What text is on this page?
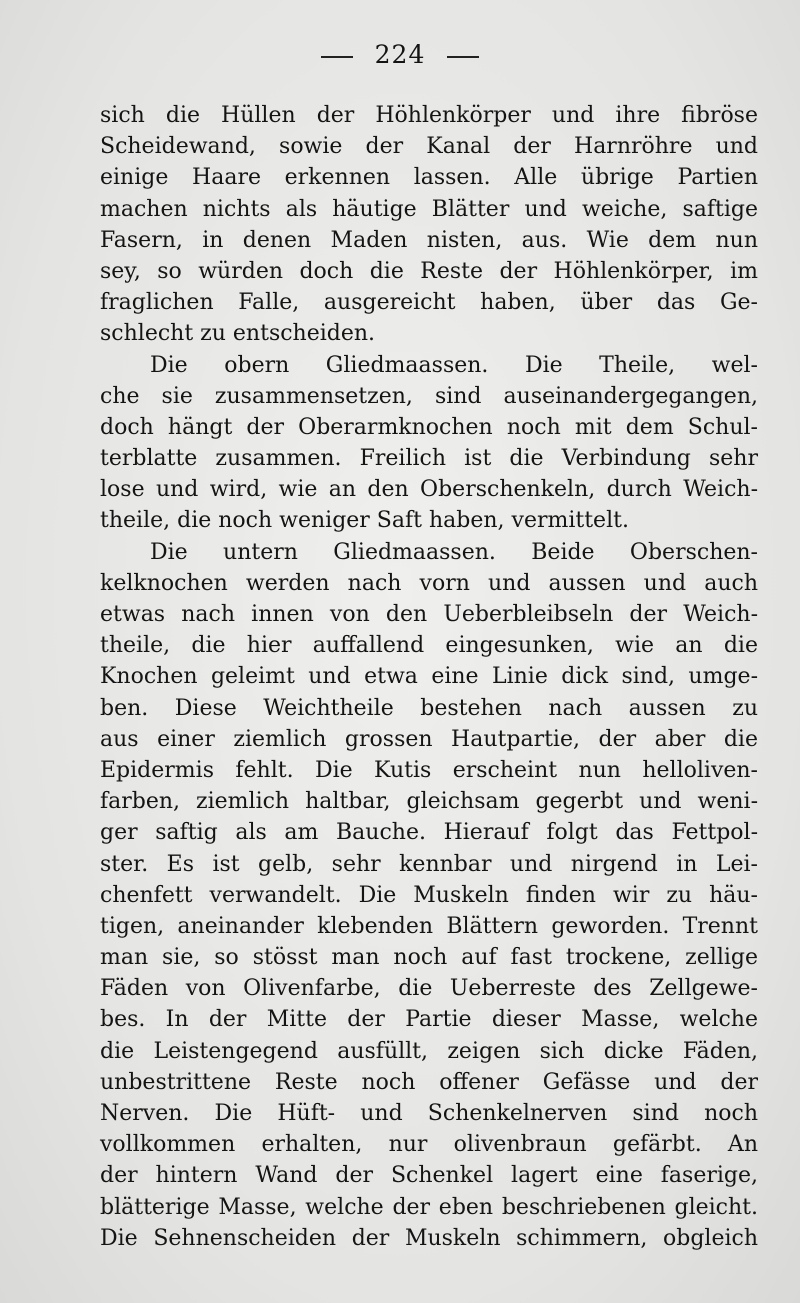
224
sich die Hüllen der Höhlenkörper und ihre fibröse
Scheidewand, sowie der Kanal der Harnröhre und
einige Haare erkennen lassen. Alle übrige Partien
machen nichts als häutige Blätter und weiche, saftige
Fasern, in denen Maden nisten, aus. Wie dem nun
sey, so würden doch die Reste der Höhlenkörper, im
fraglichen Falle, ausgereicht haben, über das Ge-
schlecht zu entscheiden.
Die obern Gliedmaassen. Die Theile, wel-
che sie zusammensetzen, sind auseinandergegangen,
doch hängt der Oberarmknochen noch mit dem Schul-
terblatte zusammen. Freilich ist die Verbindung sehr
lose und wird, wie an den Oberschenkeln, durch Weich-
theile, die noch weniger Saft haben, vermittelt.
Die untern Gliedmaassen. Beide Oberschen-
kelknochen werden nach vorn und aussen und auch
etwas nach innen von den Ueberbleibseln der Weich-
theile, die hier auffallend eingesunken, wie an die
Knochen geleimt und etwa eine Linie dick sind, umge-
ben. Diese Weichtheile bestehen nach aussen zu
aus einer ziemlich grossen Hautpartie, der aber die
Epidermis fehlt. Die Kutis erscheint nun helloliven-
farben, ziemlich haltbar, gleichsam gegerbt und weni-
ger saftig als am Bauche. Hierauf folgt das Fettpol-
ster. Es ist gelb, sehr kennbar und nirgend in Lei-
chenfett verwandelt. Die Muskeln finden wir zu häu-
tigen, aneinander klebenden Blättern geworden. Trennt
man sie, so stösst man noch auf fast trockene, zellige
Fäden von Olivenfarbe, die Ueberreste des Zellgewe-
bes. In der Mitte der Partie dieser Masse, welche
die Leistengegend ausfüllt, zeigen sich dicke Fäden,
unbestrittene Reste noch offener Gefässe und der
Nerven. Die Hüft- und Schenkelnerven sind noch
vollkommen erhalten, nur olivenbraun gefärbt. An
der hintern Wand der Schenkel lagert eine faserige,
blätterige Masse, welche der eben beschriebenen gleicht.
Die Sehnenscheiden der Muskeln schimmern, obgleich
